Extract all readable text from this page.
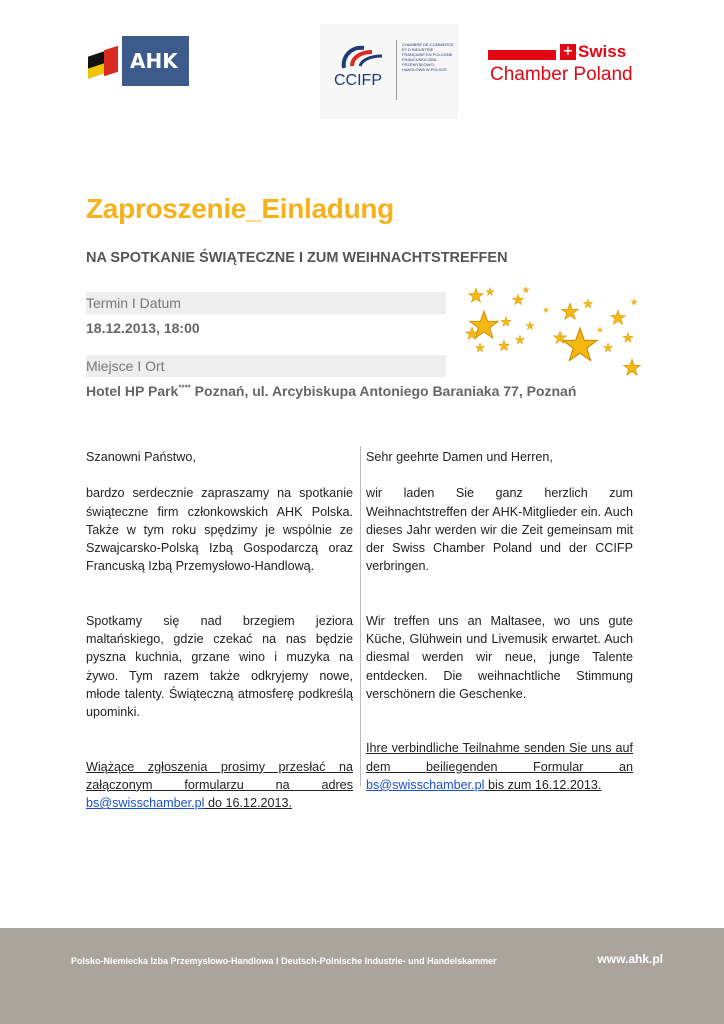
AHK
CCIFP
CHAMBRE DE COMMERCE ET D'INDUSTRIE FRANÇAISE EN POLOGNE FRANCUSKA IZBA PRZEMYSŁOWO-HANDLOWA W POLSCE
+ Swiss
Chamber Poland
Zaproszenie_Einladung
NA SPOTKANIE ŚWIĄTECZNE I ZUM WEIHNACHTSTREFFEN
Termin I Datum
18.12.2013, 18:00
Miejsce I Ort
Hotel HP Park**** Poznań, ul. Arcybiskupa Antoniego Baraniaka 77, Poznań

Szanowni Państwo,

bardzo serdecznie zapraszamy na spotkanie świąteczne firm członkowskich AHK Polska. Także w tym roku spędzimy je wspólnie ze Szwajcarsko-Polską Izbą Gospodarczą oraz Francuską Izbą Przemysłowo-Handlową.

Spotkamy się nad brzegiem jeziora maltańskiego, gdzie czekać na nas będzie pyszna kuchnia, grzane wino i muzyka na żywo. Tym razem także odkryjemy nowe, młode talenty. Świąteczną atmosferę podkreślą upominki.

Wiążące zgłoszenia prosimy przesłać na załączonym formularzu na adres bs@swisschamber.pl do 16.12.2013.

Sehr geehrte Damen und Herren,

wir laden Sie ganz herzlich zum Weihnachtstreffen der AHK-Mitglieder ein. Auch dieses Jahr werden wir die Zeit gemeinsam mit der Swiss Chamber Poland und der CCIFP verbringen.

Wir treffen uns an Maltasee, wo uns gute Küche, Glühwein und Livemusik erwartet. Auch diesmal werden wir neue, junge Talente entdecken. Die weihnachtliche Stimmung verschönern die Geschenke.

Ihre verbindliche Teilnahme senden Sie uns auf dem beiliegenden Formular an bs@swisschamber.pl bis zum 16.12.2013.

Polsko-Niemiecka Izba Przemysłowo-Handlowa I Deutsch-Polnische Industrie- und Handelskammer	www.ahk.pl
